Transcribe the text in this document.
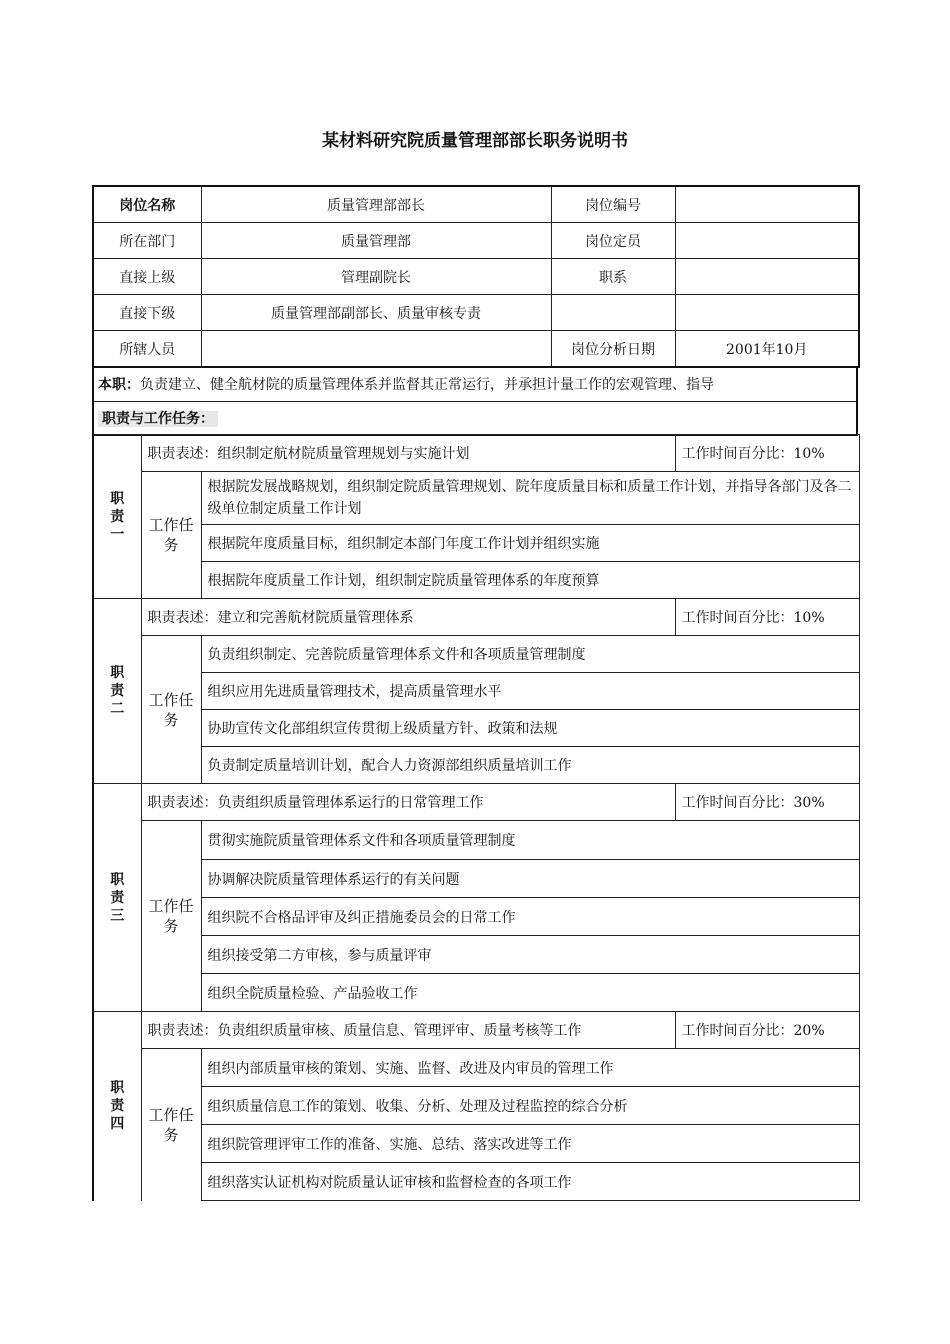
某材料研究院质量管理部部长职务说明书
岗位名称	质量管理部部长	岗位编号	
所在部门	质量管理部	岗位定员	
直接上级	管理副院长	职系	
直接下级	质量管理部副部长、质量审核专责		
所辖人员		岗位分析日期	2001年10月
本职：负责建立、健全航材院的质量管理体系并监督其正常运行，并承担计量工作的宏观管理、指导
职责与工作任务：
职责一	职责表述：组织制定航材院质量管理规划与实施计划		工作时间百分比：10%

	工作任务	根据院发展战略规划，组织制定院质量管理规划、院年度质量目标和质量工作计划，并指导各部门及各二级单位制定质量工作计划	
		根据院年度质量目标，组织制定本部门年度工作计划并组织实施	
		根据院年度质量工作计划，组织制定院质量管理体系的年度预算	

职责二	职责表述：建立和完善航材院质量管理体系		工作时间百分比：10%

	工作任务	负责组织制定、完善院质量管理体系文件和各项质量管理制度	
		组织应用先进质量管理技术，提高质量管理水平	
		协助宣传文化部组织宣传贯彻上级质量方针、政策和法规	
		负责制定质量培训计划，配合人力资源部组织质量培训工作	

职责三	职责表述：负责组织质量管理体系运行的日常管理工作		工作时间百分比：30%

	工作任务	贯彻实施院质量管理体系文件和各项质量管理制度	
		协调解决院质量管理体系运行的有关问题	
		组织院不合格品评审及纠正措施委员会的日常工作	
		组织接受第二方审核，参与质量评审	
		组织全院质量检验、产品验收工作	

职责四	职责表述：负责组织质量审核、质量信息、管理评审、质量考核等工作		工作时间百分比：20%

	工作任务	组织内部质量审核的策划、实施、监督、改进及内审员的管理工作	
		组织质量信息工作的策划、收集、分析、处理及过程监控的综合分析	
		组织院管理评审工作的准备、实施、总结、落实改进等工作	
		组织落实认证机构对院质量认证审核和监督检查的各项工作	
